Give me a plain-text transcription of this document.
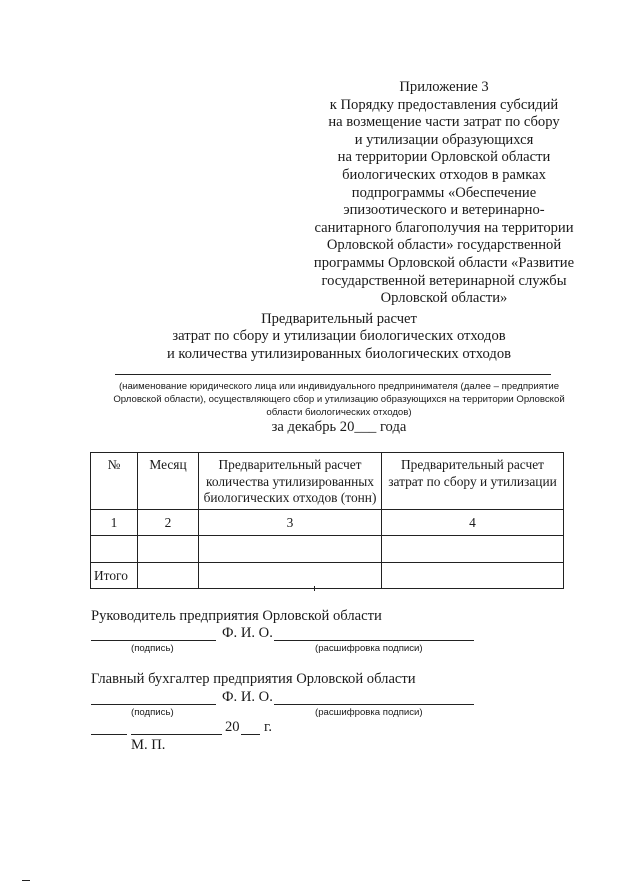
Приложение 3
к Порядку предоставления субсидий
на возмещение части затрат по сбору
и утилизации образующихся
на территории Орловской области
биологических отходов в рамках
подпрограммы «Обеспечение
эпизоотического и ветеринарно-
санитарного благополучия на территории
Орловской области» государственной
программы Орловской области «Развитие
государственной ветеринарной службы
Орловской области»
Предварительный расчет
затрат по сбору и утилизации биологических отходов
и количества утилизированных биологических отходов
(наименование юридического лица или индивидуального предпринимателя (далее – предприятие
Орловской области), осуществляющего сбор и утилизацию образующихся на территории Орловской
области биологических отходов)
за декабрь 20___ года
№	Месяц	Предварительный расчет количества утилизированных биологических отходов (тонн)	Предварительный расчет затрат по сбору и утилизации
1	2	3	4

Итого			
Руководитель предприятия Орловской области
Ф. И. О.
(подпись)	(расшифровка подписи)
Главный бухгалтер предприятия Орловской области
Ф. И. О.
(подпись)	(расшифровка подписи)
20 г.
М. П.
